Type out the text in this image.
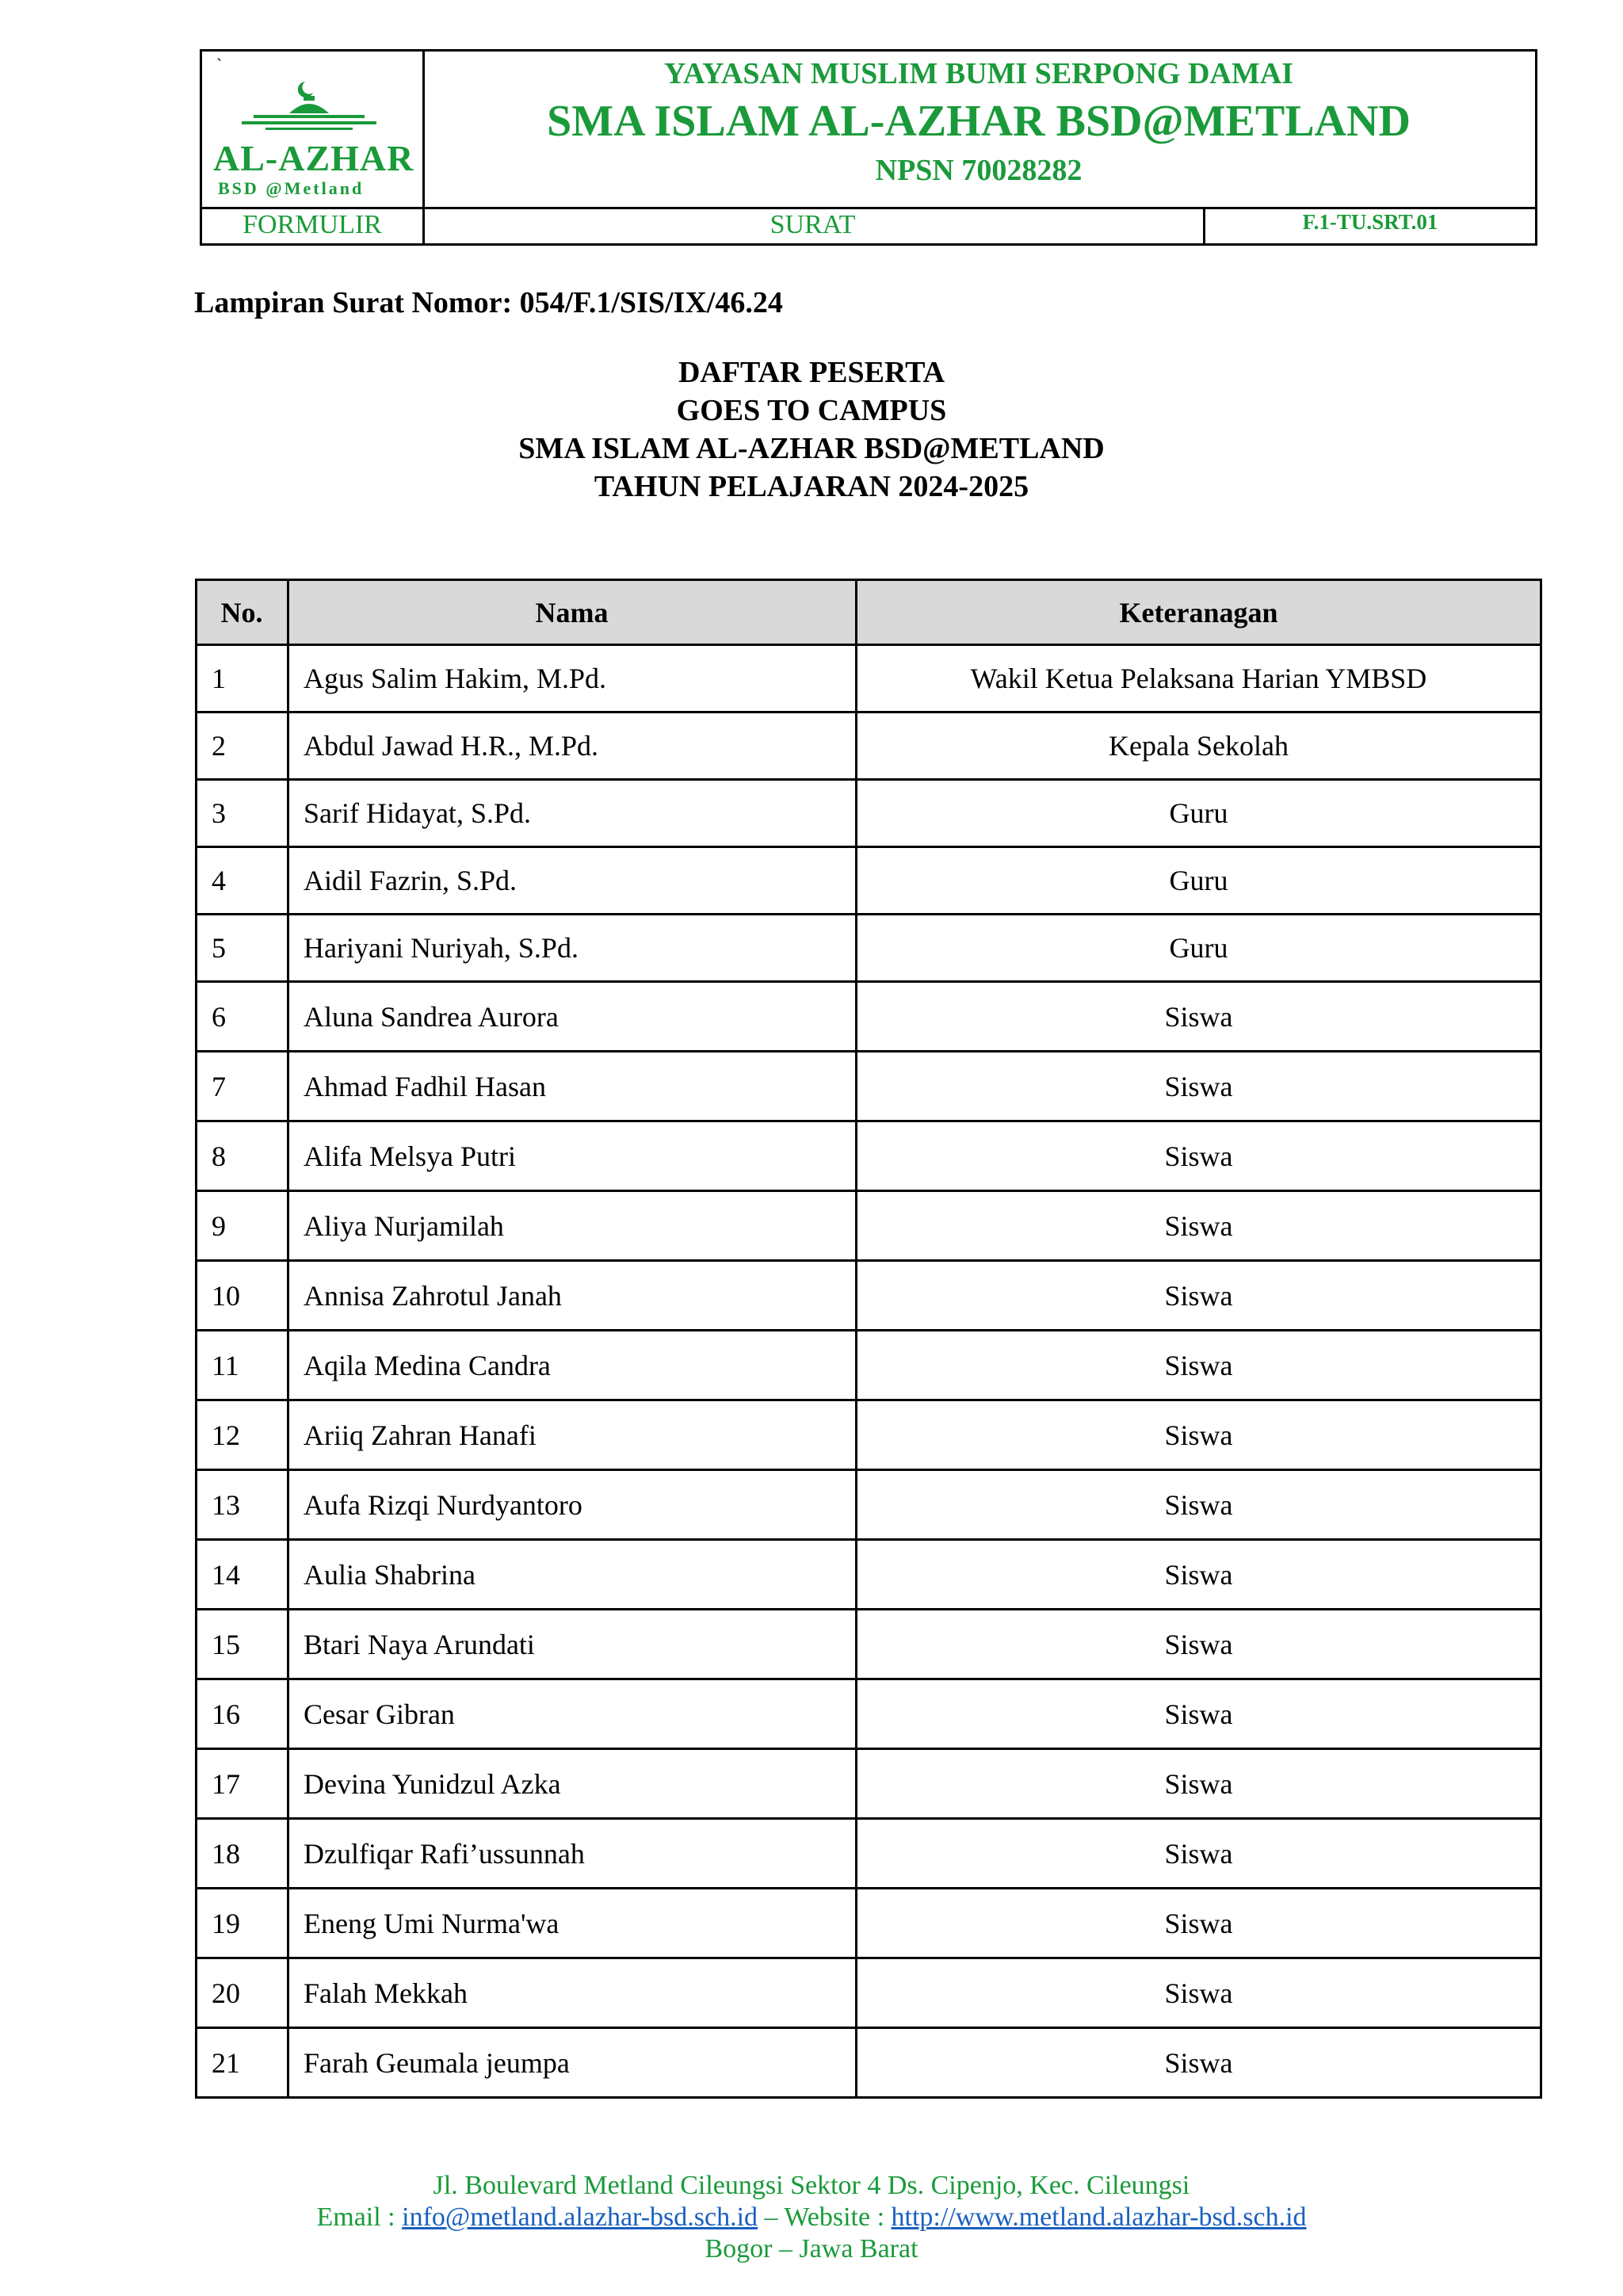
`
AL-AZHAR
BSD @Metland
YAYASAN MUSLIM BUMI SERPONG DAMAI
SMA ISLAM AL-AZHAR BSD@METLAND
NPSN 70028282
FORMULIR	SURAT	F.1-TU.SRT.01
Lampiran Surat Nomor: 054/F.1/SIS/IX/46.24
DAFTAR PESERTA
GOES TO CAMPUS
SMA ISLAM AL-AZHAR BSD@METLAND
TAHUN PELAJARAN 2024-2025
No.	Nama	Keteranagan
1	Agus Salim Hakim, M.Pd.	Wakil Ketua Pelaksana Harian YMBSD
2	Abdul Jawad H.R., M.Pd.	Kepala Sekolah
3	Sarif Hidayat, S.Pd.	Guru
4	Aidil Fazrin, S.Pd.	Guru
5	Hariyani Nuriyah, S.Pd.	Guru
6	Aluna Sandrea Aurora	Siswa
7	Ahmad Fadhil Hasan	Siswa
8	Alifa Melsya Putri	Siswa
9	Aliya Nurjamilah	Siswa
10	Annisa Zahrotul Janah	Siswa
11	Aqila Medina Candra	Siswa
12	Ariiq Zahran Hanafi	Siswa
13	Aufa Rizqi Nurdyantoro	Siswa
14	Aulia Shabrina	Siswa
15	Btari Naya Arundati	Siswa
16	Cesar Gibran	Siswa
17	Devina Yunidzul Azka	Siswa
18	Dzulfiqar Rafi’ussunnah	Siswa
19	Eneng Umi Nurma'wa	Siswa
20	Falah Mekkah	Siswa
21	Farah Geumala jeumpa	Siswa
Jl. Boulevard Metland Cileungsi Sektor 4 Ds. Cipenjo, Kec. Cileungsi
Email : info@metland.alazhar-bsd.sch.id – Website : http://www.metland.alazhar-bsd.sch.id
Bogor – Jawa Barat
